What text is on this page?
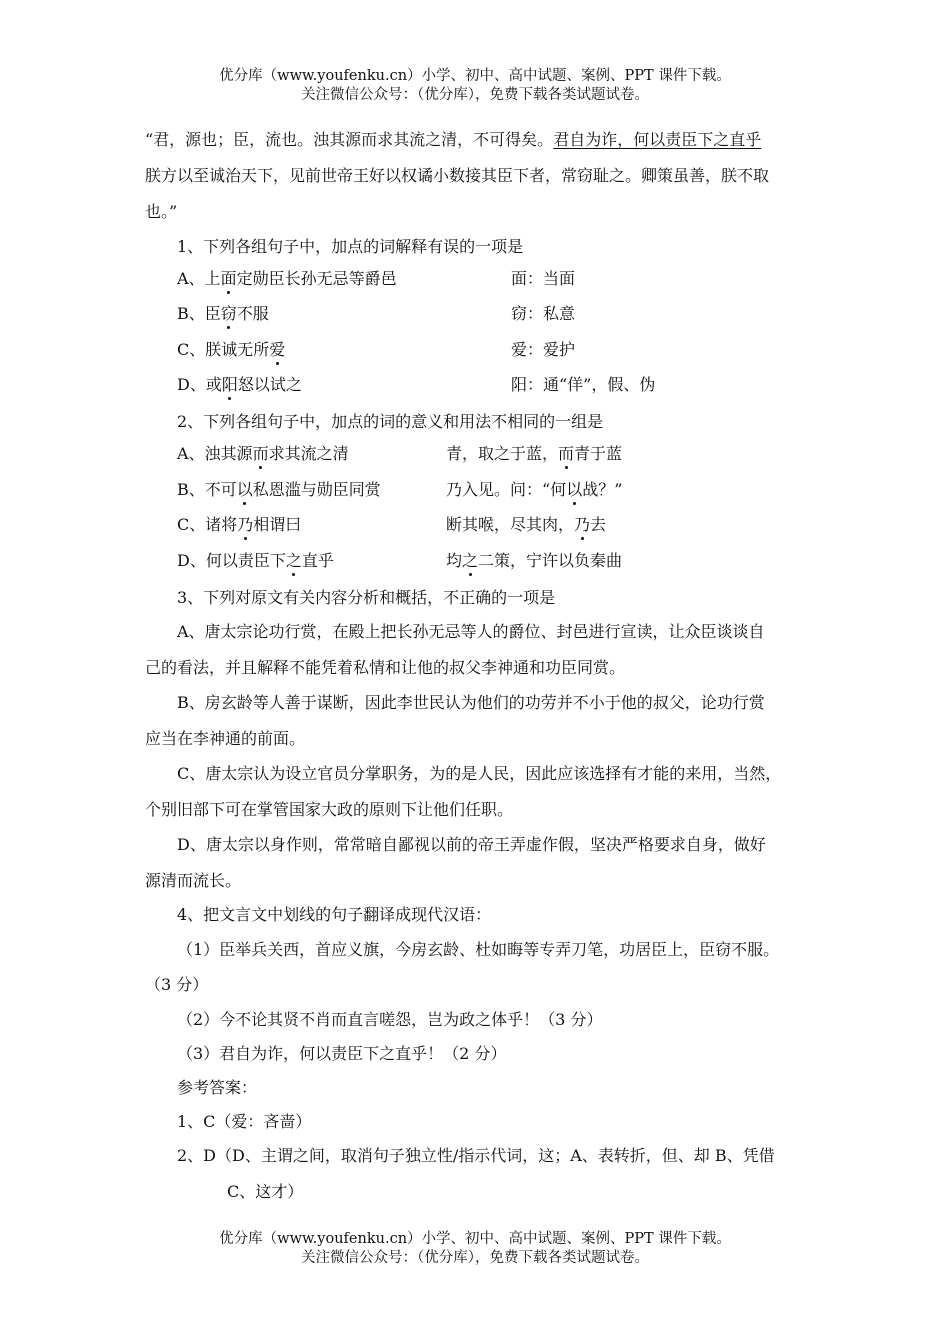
优分库（www.youfenku.cn）小学、初中、高中试题、案例、PPT 课件下载。
关注微信公众号：（优分库），免费下载各类试题试卷。
“君，源也；臣，流也。浊其源而求其流之清，不可得矣。君自为诈，何以责臣下之直乎
朕方以至诚治天下，见前世帝王好以权谲小数接其臣下者，常窃耻之。卿策虽善，朕不取
也。”
1、下列各组句子中，加点的词解释有误的一项是
A、上面定勋臣长孙无忌等爵邑	面：当面
B、臣窃不服	窃：私意
C、朕诚无所爱	爱：爱护
D、或阳怒以试之	阳：通“佯”，假、伪
2、下列各组句子中，加点的词的意义和用法不相同的一组是
A、浊其源而求其流之清	青，取之于蓝，而青于蓝
B、不可以私恩滥与勋臣同赏	乃入见。问：“何以战？”
C、诸将乃相谓曰	断其喉，尽其肉，乃去
D、何以责臣下之直乎	均之二策，宁许以负秦曲
3、下列对原文有关内容分析和概括，不正确的一项是
A、唐太宗论功行赏，在殿上把长孙无忌等人的爵位、封邑进行宣读，让众臣谈谈自
己的看法，并且解释不能凭着私情和让他的叔父李神通和功臣同赏。
B、房玄龄等人善于谋断，因此李世民认为他们的功劳并不小于他的叔父，论功行赏
应当在李神通的前面。
C、唐太宗认为设立官员分掌职务，为的是人民，因此应该选择有才能的来用，当然，
个别旧部下可在掌管国家大政的原则下让他们任职。
D、唐太宗以身作则，常常暗自鄙视以前的帝王弄虚作假，坚决严格要求自身，做好
源清而流长。
4、把文言文中划线的句子翻译成现代汉语：
（1）臣举兵关西，首应义旗，今房玄龄、杜如晦等专弄刀笔，功居臣上，臣窃不服。
（3 分）
（2）今不论其贤不肖而直言嗟怨，岂为政之体乎！（3 分）
（3）君自为诈，何以责臣下之直乎！（2 分）
参考答案：
1、C（爱：吝啬）
2、D（D、主谓之间，取消句子独立性/指示代词，这；A、表转折，但、却 B、凭借
C、这才）
优分库（www.youfenku.cn）小学、初中、高中试题、案例、PPT 课件下载。
关注微信公众号：（优分库），免费下载各类试题试卷。
